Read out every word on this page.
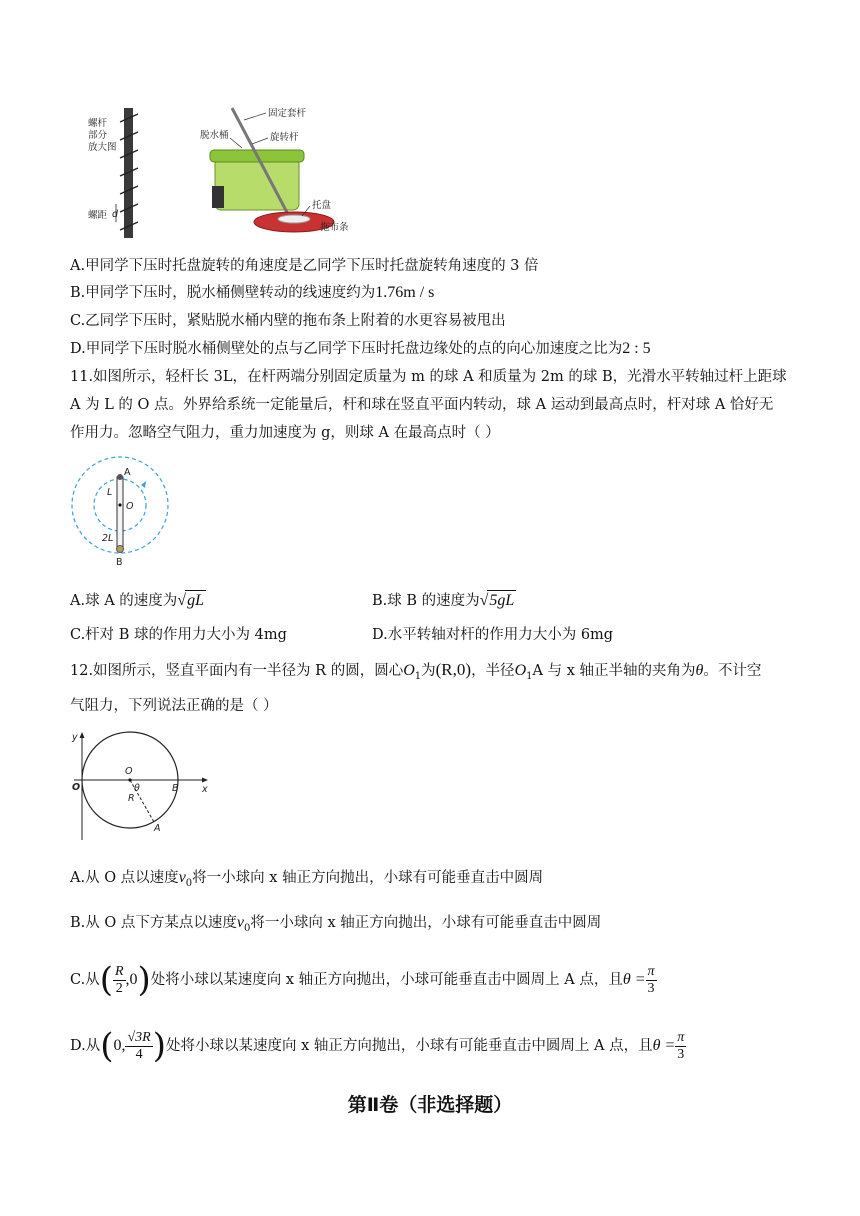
螺杆
部分
放大图
螺距 d
固定套杆
脱水桶	旋转杆
托盘
拖布条
A.甲同学下压时托盘旋转的角速度是乙同学下压时托盘旋转角速度的 3 倍
B.甲同学下压时，脱水桶侧壁转动的线速度约为1.76m / s
C.乙同学下压时，紧贴脱水桶内壁的拖布条上附着的水更容易被甩出
D.甲同学下压时脱水桶侧壁处的点与乙同学下压时托盘边缘处的点的向心加速度之比为2 : 5
11.如图所示，轻杆长 3L，在杆两端分别固定质量为 m 的球 A 和质量为 2m 的球 B，光滑水平转轴过杆上距球
A 为 L 的 O 点。外界给系统一定能量后，杆和球在竖直平面内转动，球 A 运动到最高点时，杆对球 A 恰好无
作用力。忽略空气阻力，重力加速度为 g，则球 A 在最高点时（ ）
A
L
O
2L
B
A.球 A 的速度为√gL	B.球 B 的速度为√5gL
C.杆对 B 球的作用力大小为 4mg	D.水平转轴对杆的作用力大小为 6mg
12.如图所示，竖直平面内有一半径为 R 的圆，圆心$O_1$为(R,0)，半径$O_1A$ 与 x 轴正半轴的夹角为θ。不计空
气阻力，下列说法正确的是（ ）
y
x
O
O
θ
R
B
A
A.从 O 点以速度$v_0$将一小球向 x 轴正方向抛出，小球有可能垂直击中圆周
B.从 O 点下方某点以速度$v_0$将一小球向 x 轴正方向抛出，小球有可能垂直击中圆周
C.从( $\frac{R}{2} ,0$)处将小球以某速度向 x 轴正方向抛出，小球可能垂直击中圆周上 A 点，且$\theta = \frac{\pi}{3}$
D.从(0, $\frac{√3R}{4}$ )处将小球以某速度向 x 轴正方向抛出，小球有可能垂直击中圆周上 A 点，且$\theta = \frac{\pi}{3}$
第Ⅱ卷（非选择题）
